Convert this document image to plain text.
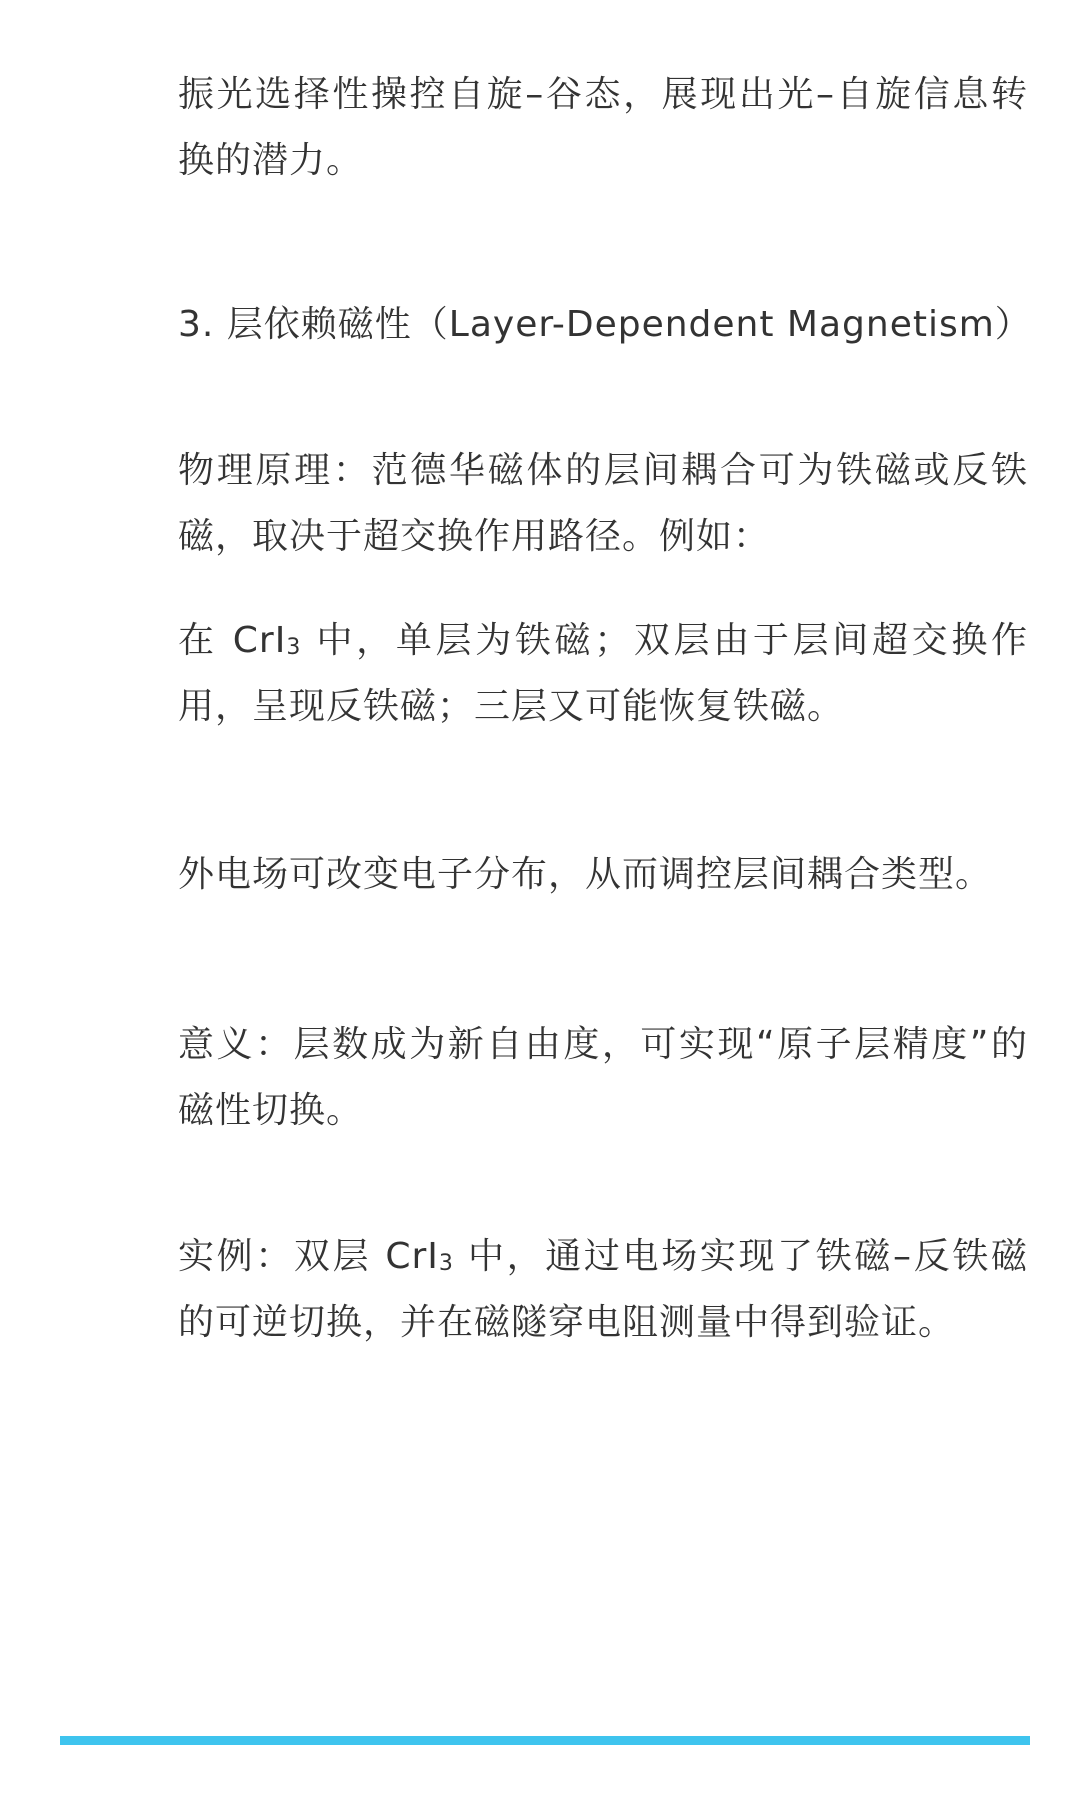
振光选择性操控自旋–谷态，展现出光–自旋信息转换的潜力。

3. 层依赖磁性（Layer-Dependent Magnetism）

物理原理：范德华磁体的层间耦合可为铁磁或反铁磁，取决于超交换作用路径。例如：

在 CrI3 中，单层为铁磁；双层由于层间超交换作用，呈现反铁磁；三层又可能恢复铁磁。

外电场可改变电子分布，从而调控层间耦合类型。

意义：层数成为新自由度，可实现“原子层精度”的磁性切换。

实例：双层 CrI3 中，通过电场实现了铁磁–反铁磁的可逆切换，并在磁隧穿电阻测量中得到验证。
